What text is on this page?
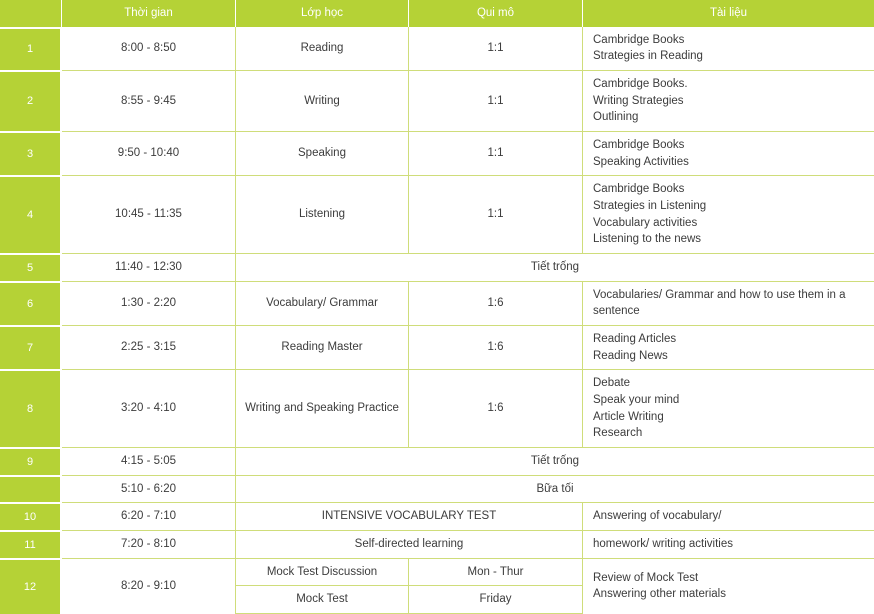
	Thời gian	Lớp học	Qui mô	Tài liệu
1	8:00 - 8:50	Reading	1:1	Cambridge Books
Strategies in Reading

2	8:55 - 9:45	Writing	1:1	Cambridge Books.
Writing Strategies
Outlining

3	9:50 - 10:40	Speaking	1:1	Cambridge Books
Speaking Activities

4	10:45 - 11:35	Listening	1:1	Cambridge Books
Strategies in Listening
Vocabulary activities
Listening to the news

5	11:40 - 12:30	Tiết trống		
6	1:30 - 2:20	Vocabulary/ Grammar	1:6	Vocabularies/ Grammar and how to use them in a sentence

7	2:25 - 3:15	Reading Master	1:6	Reading Articles
Reading News

8	3:20 - 4:10	Writing and Speaking Practice	1:6	Debate
Speak your mind
Article Writing
Research

9	4:15 - 5:05	Tiết trống		
	5:10 - 6:20	Bữa tối		
10	6:20 - 7:10	INTENSIVE VOCABULARY TEST		Answering of vocabulary/

11	7:20 - 8:10	Self-directed learning		homework/ writing activities

12	8:20 - 9:10	Mock Test Discussion	Mon - Thur	Review of Mock Test
Answering other materials

		Mock Test	Friday	
